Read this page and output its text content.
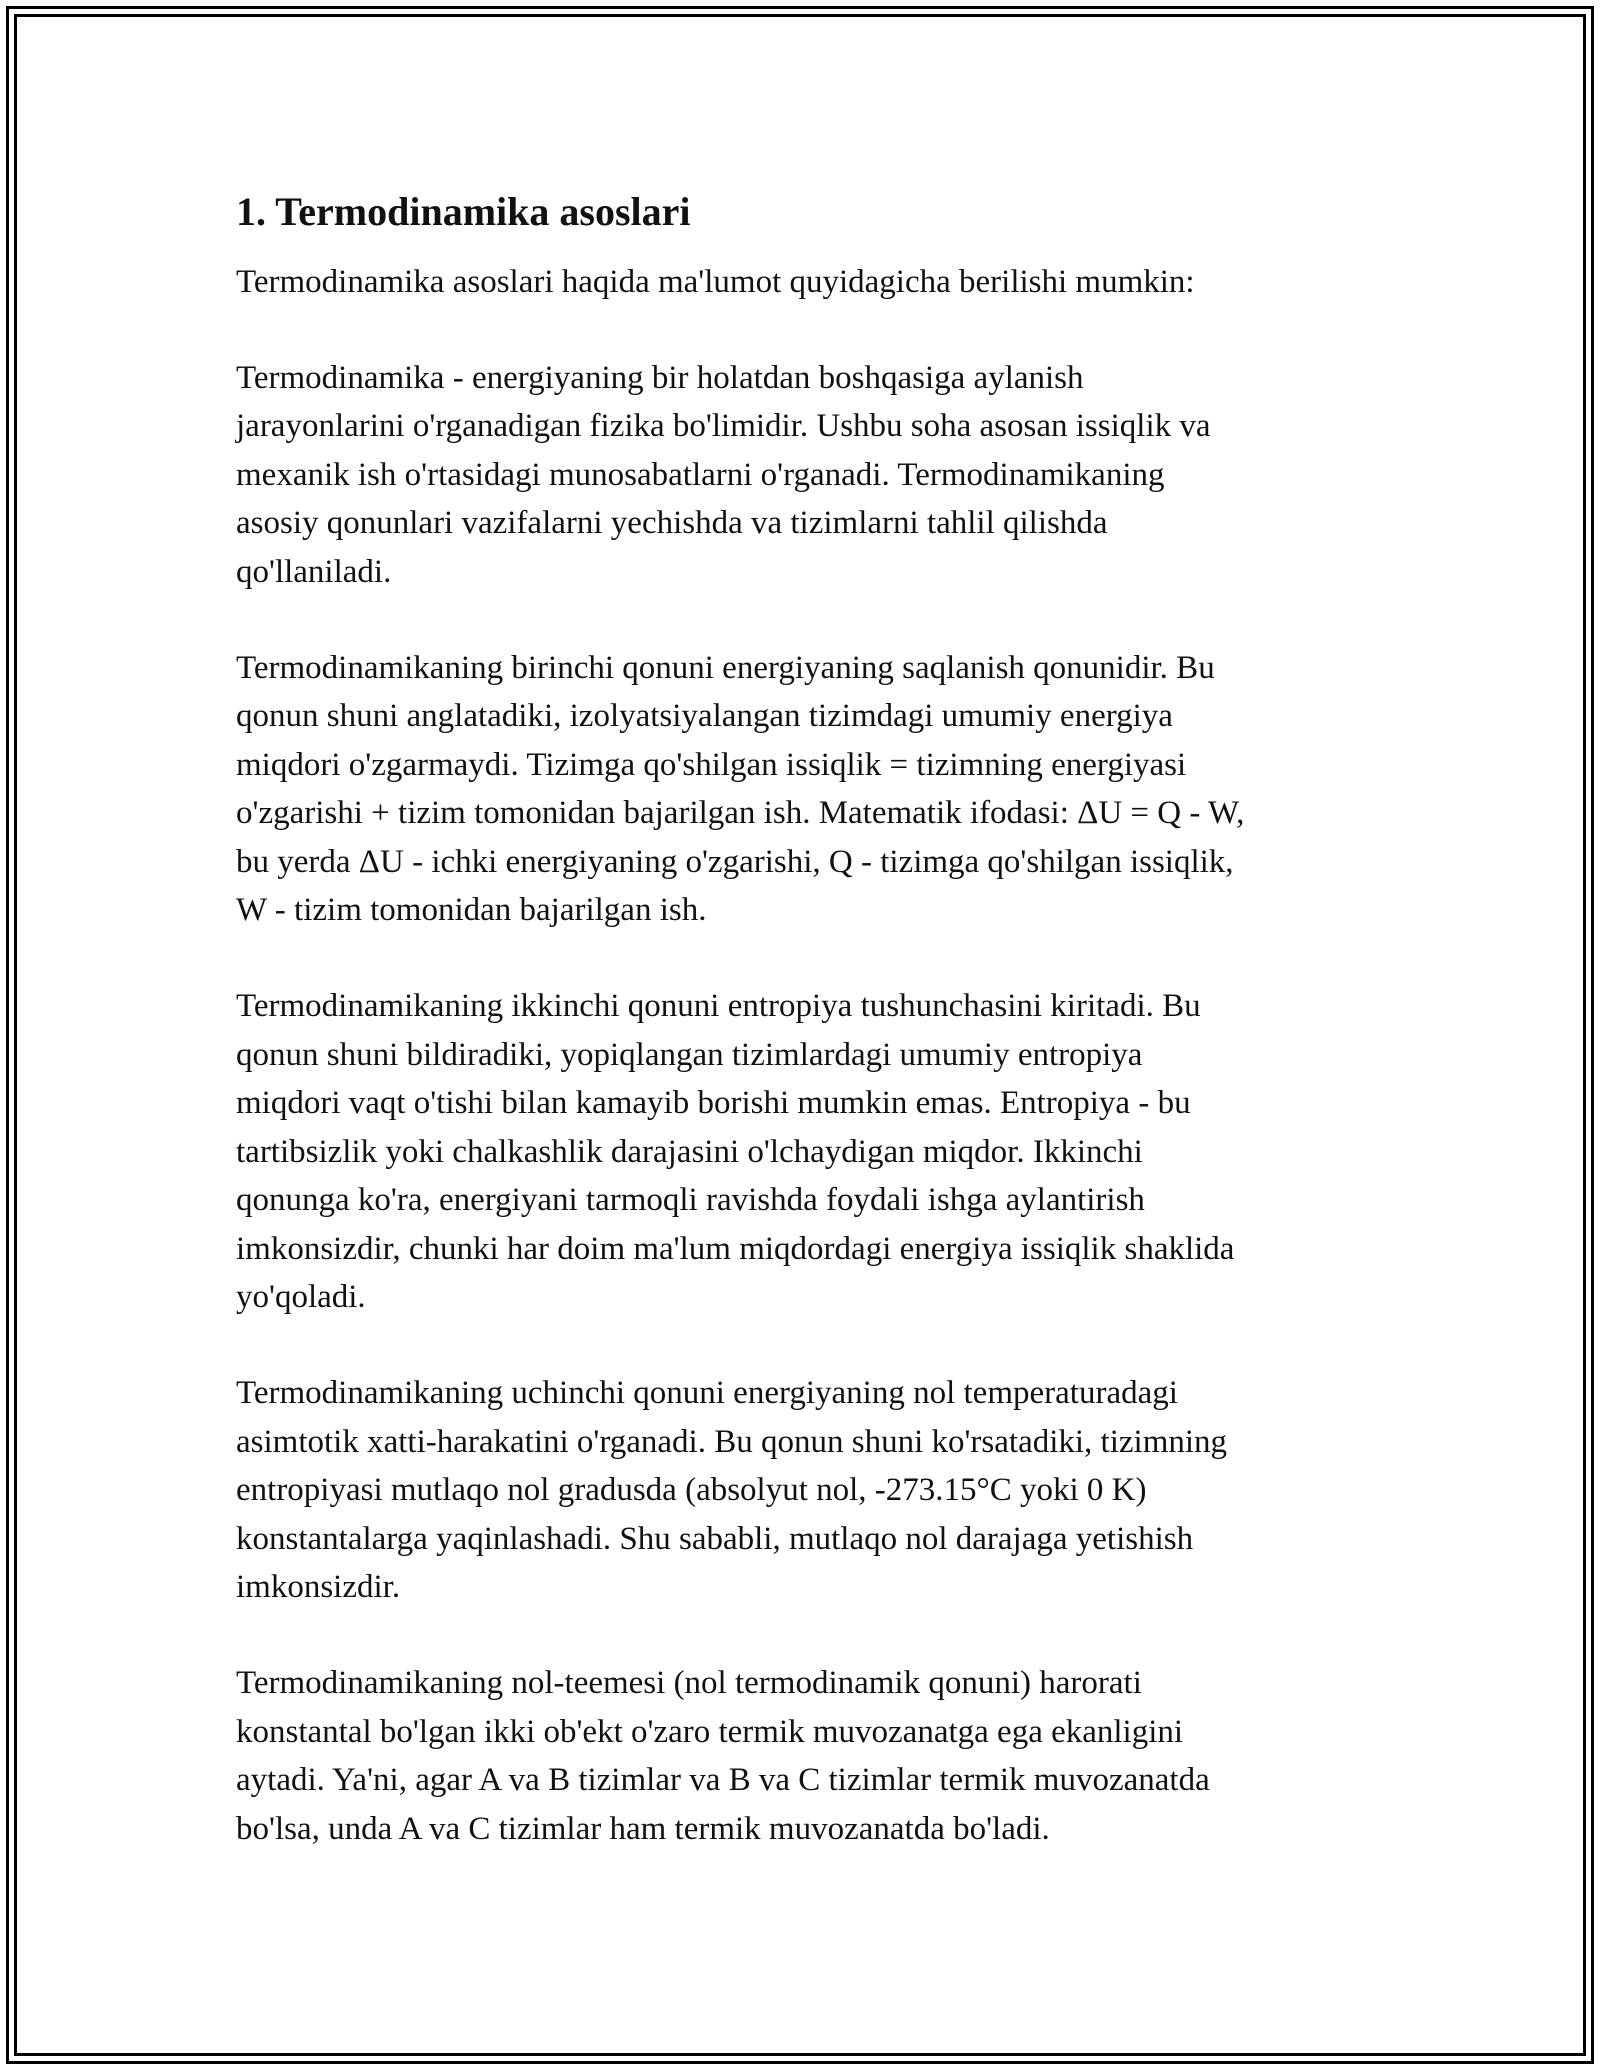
1. Termodinamika asoslari

Termodinamika asoslari haqida ma'lumot quyidagicha berilishi mumkin:

Termodinamika - energiyaning bir holatdan boshqasiga aylanish
jarayonlarini o'rganadigan fizika bo'limidir. Ushbu soha asosan issiqlik va
mexanik ish o'rtasidagi munosabatlarni o'rganadi. Termodinamikaning
asosiy qonunlari vazifalarni yechishda va tizimlarni tahlil qilishda
qo'llaniladi.

Termodinamikaning birinchi qonuni energiyaning saqlanish qonunidir. Bu
qonun shuni anglatadiki, izolyatsiyalangan tizimdagi umumiy energiya
miqdori o'zgarmaydi. Tizimga qo'shilgan issiqlik = tizimning energiyasi
o'zgarishi + tizim tomonidan bajarilgan ish. Matematik ifodasi: ΔU = Q - W,
bu yerda ΔU - ichki energiyaning o'zgarishi, Q - tizimga qo'shilgan issiqlik,
W - tizim tomonidan bajarilgan ish.

Termodinamikaning ikkinchi qonuni entropiya tushunchasini kiritadi. Bu
qonun shuni bildiradiki, yopiqlangan tizimlardagi umumiy entropiya
miqdori vaqt o'tishi bilan kamayib borishi mumkin emas. Entropiya - bu
tartibsizlik yoki chalkashlik darajasini o'lchaydigan miqdor. Ikkinchi
qonunga ko'ra, energiyani tarmoqli ravishda foydali ishga aylantirish
imkonsizdir, chunki har doim ma'lum miqdordagi energiya issiqlik shaklida
yo'qoladi.

Termodinamikaning uchinchi qonuni energiyaning nol temperaturadagi
asimtotik xatti-harakatini o'rganadi. Bu qonun shuni ko'rsatadiki, tizimning
entropiyasi mutlaqo nol gradusda (absolyut nol, -273.15°C yoki 0 K)
konstantalarga yaqinlashadi. Shu sababli, mutlaqo nol darajaga yetishish
imkonsizdir.

Termodinamikaning nol-teemesi (nol termodinamik qonuni) harorati
konstantal bo'lgan ikki ob'ekt o'zaro termik muvozanatga ega ekanligini
aytadi. Ya'ni, agar A va B tizimlar va B va C tizimlar termik muvozanatda
bo'lsa, unda A va C tizimlar ham termik muvozanatda bo'ladi.
